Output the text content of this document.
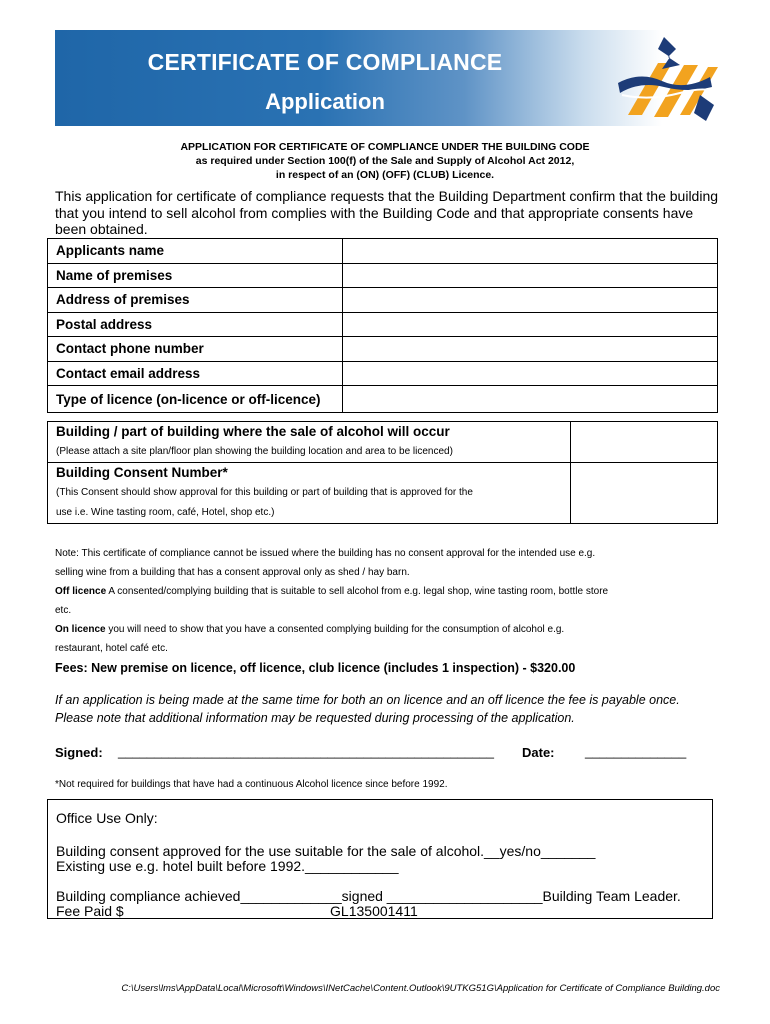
CERTIFICATE OF COMPLIANCE
Application
APPLICATION FOR CERTIFICATE OF COMPLIANCE UNDER THE BUILDING CODE
as required under Section 100(f) of the Sale and Supply of Alcohol Act 2012,
in respect of an (ON) (OFF) (CLUB) Licence.
This application for certificate of compliance requests that the Building Department confirm that the building that you intend to sell alcohol from complies with the Building Code and that appropriate consents have been obtained.
Applicants name	
Name of premises	
Address of premises	
Postal address	
Contact phone number	
Contact email address	
Type of licence (on-licence or off-licence)	
Building / part of building where the sale of alcohol will occur
(Please attach a site plan/floor plan showing the building location and area to be licenced)	

Building Consent Number*
(This Consent should show approval for this building or part of building that is approved for the
use i.e. Wine tasting room, café, Hotel, shop etc.)	

Note: This certificate of compliance cannot be issued where the building has no consent approval for the intended use e.g.
selling wine from a building that has a consent approval only as shed / hay barn.
Off licence A consented/complying building that is suitable to sell alcohol from e.g. legal shop, wine tasting room, bottle store
etc.
On licence you will need to show that you have a consented complying building for the consumption of alcohol e.g.
restaurant, hotel café etc.
Fees: New premise on licence, off licence, club licence (includes 1 inspection) - $320.00
If an application is being made at the same time for both an on licence and an off licence the fee is payable once.
Please note that additional information may be requested during processing of the application.
Signed: ____________________________________________________ Date: ______________
*Not required for buildings that have had a continuous Alcohol licence since before 1992.
Office Use Only:
Building consent approved for the use suitable for the sale of alcohol.__yes/no_______
Existing use e.g. hotel built before 1992.____________
Building compliance achieved_____________signed ____________________Building Team Leader.
Fee Paid $ __________________________GL135001411
C:\Users\lms\AppData\Local\Microsoft\Windows\INetCache\Content.Outlook\9UTKG51G\Application for Certificate of Compliance Building.doc
